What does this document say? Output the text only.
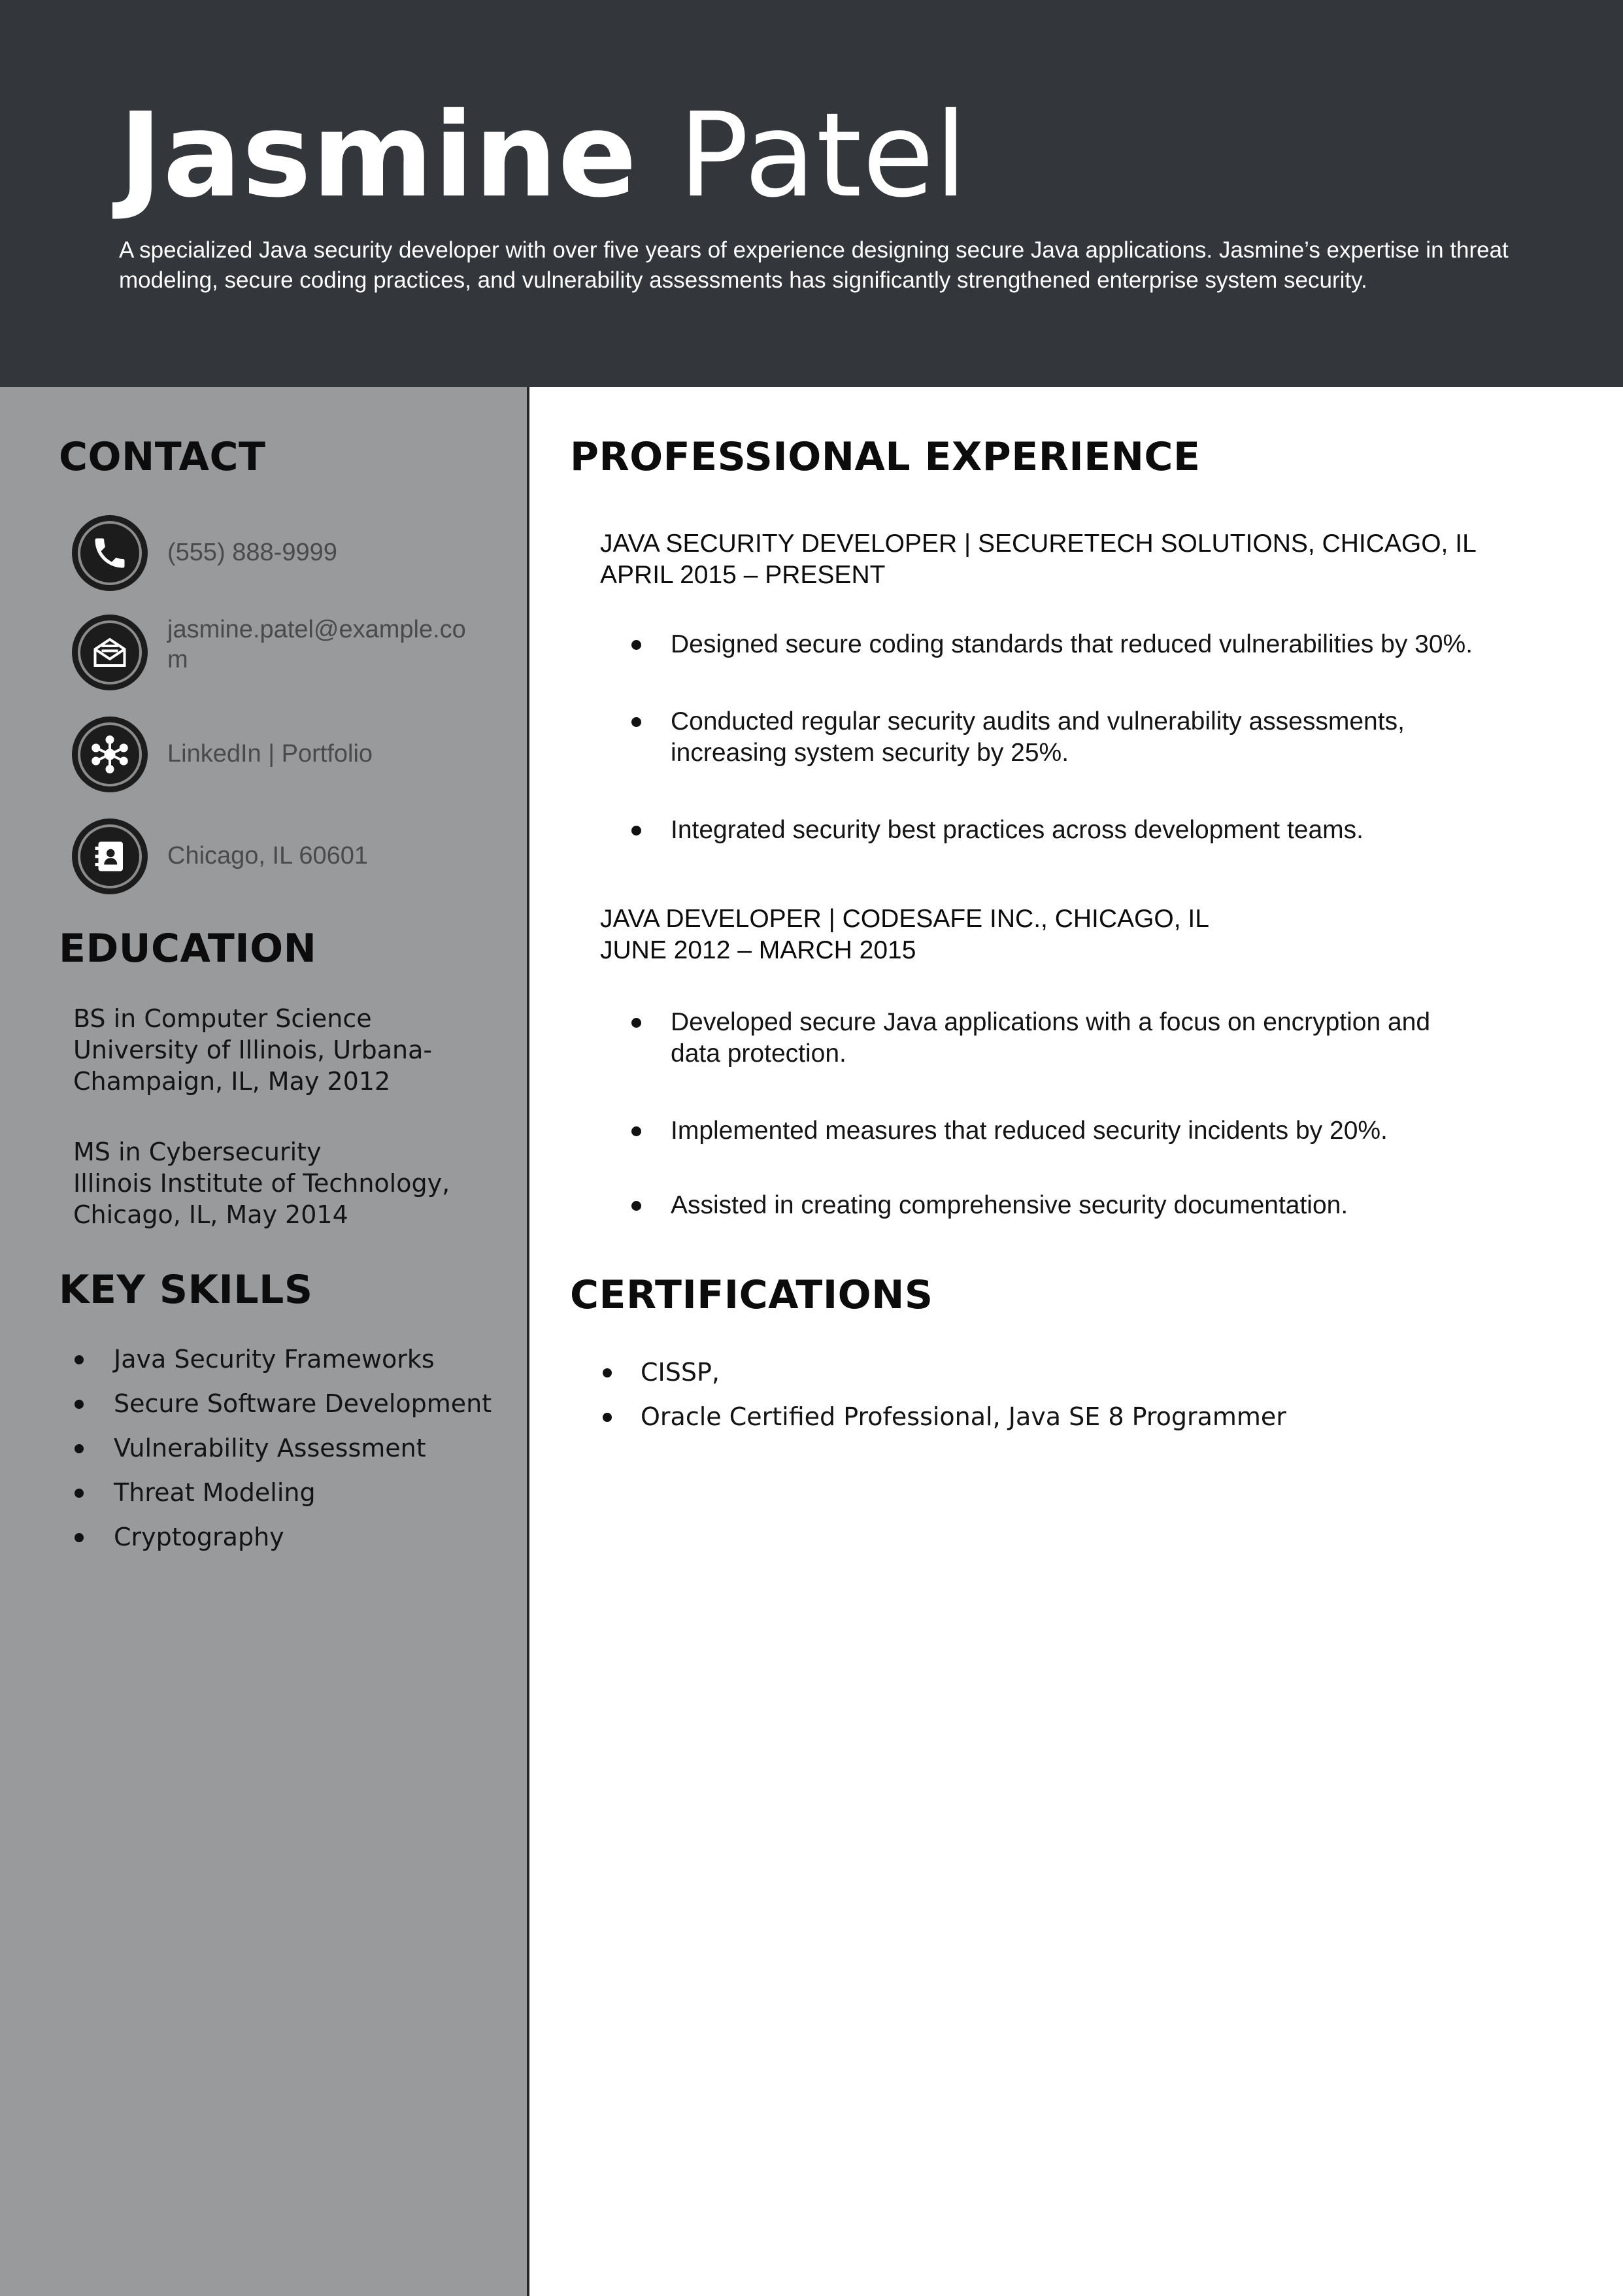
Jasmine Patel

A specialized Java security developer with over five years of experience designing secure Java applications. Jasmine’s expertise in threat modeling, secure coding practices, and vulnerability assessments has significantly strengthened enterprise system security.

CONTACT
(555) 888-9999
jasmine.patel@example.com
LinkedIn | Portfolio
Chicago, IL 60601
EDUCATION
BS in Computer Science
University of Illinois, Urbana-
Champaign, IL, May 2012
MS in Cybersecurity
Illinois Institute of Technology,
Chicago, IL, May 2014
KEY SKILLS
Java Security Frameworks
Secure Software Development
Vulnerability Assessment
Threat Modeling
Cryptography
PROFESSIONAL EXPERIENCE
JAVA SECURITY DEVELOPER | SECURETECH SOLUTIONS, CHICAGO, IL
APRIL 2015 – PRESENT
Designed secure coding standards that reduced vulnerabilities by 30%.
Conducted regular security audits and vulnerability assessments, increasing system security by 25%.
Integrated security best practices across development teams.
JAVA DEVELOPER | CODESAFE INC., CHICAGO, IL
JUNE 2012 – MARCH 2015
Developed secure Java applications with a focus on encryption and data protection.
Implemented measures that reduced security incidents by 20%.
Assisted in creating comprehensive security documentation.
CERTIFICATIONS
CISSP,
Oracle Certified Professional, Java SE 8 Programmer
